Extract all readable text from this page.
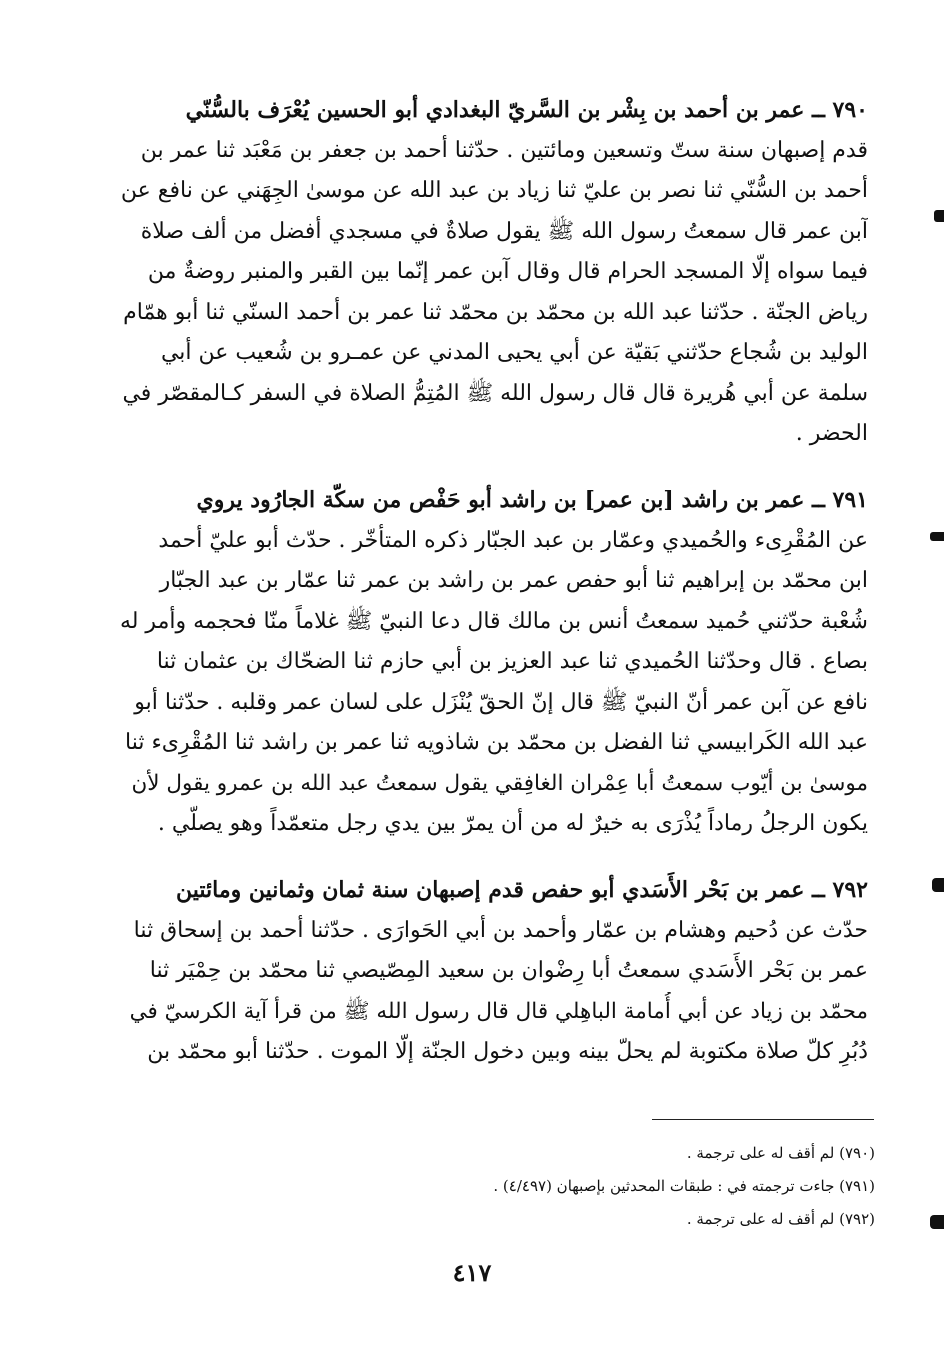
٧٩٠ ــ عمر بن أحمد بن بِشْر بن السَّريّ البغدادي أبو الحسين يُعْرَف بالسُّنّي
قدم إصبهان سنة ستّ وتسعين ومائتين . حدّثنا أحمد بن جعفر بن مَعْبَد ثنا عمر بن
أحمد بن السُّنّي ثنا نصر بن عليّ ثنا زياد بن عبد الله عن موسىٰ الجِهَني عن نافع عن
آبن عمر قال سمعتُ رسول الله ﷺ يقول صلاةٌ في مسجدي أفضل من ألف صلاة
فيما سواه إلّا المسجد الحرام قال وقال آبن عمر إنّما بين القبر والمنبر روضةٌ من
رياض الجنّة . حدّثنا عبد الله بن محمّد بن محمّد ثنا عمر بن أحمد السنّي ثنا أبو همّام
الوليد بن شُجاع حدّثني بَقيّة عن أبي يحيى المدني عن عمـرو بن شُعيب عن أبي
سلمة عن أبي هُريرة قال قال رسول الله ﷺ المُتِمُّ الصلاة في السفر كـالمقصّر في
الحضر .
٧٩١ ــ عمر بن راشد [بن عمر] بن راشد أبو حَفْص من سكّة الجارُود يروي
عن المُقْرِىء والحُميدي وعمّار بن عبد الجبّار ذكره المتأخّر . حدّث أبو عليّ أحمد
ابن محمّد بن إبراهيم ثنا أبو حفص عمر بن راشد بن عمر ثنا عمّار بن عبد الجبّار
شُعْبة حدّثني حُميد سمعتُ أنس بن مالك قال دعا النبيّ ﷺ غلاماً منّا فحجمه وأمر له
بصاع . قال وحدّثنا الحُميدي ثنا عبد العزيز بن أبي حازم ثنا الضحّاك بن عثمان ثنا
نافع عن آبن عمر أنّ النبيّ ﷺ قال إنّ الحقّ يُنْزَل على لسان عمر وقلبه . حدّثنا أبو
عبد الله الكَرابيسي ثنا الفضل بن محمّد بن شاذويه ثنا عمر بن راشد ثنا المُقْرِىء ثنا
موسىٰ بن أيّوب سمعتُ أبا عِمْران الغافِقي يقول سمعتُ عبد الله بن عمرو يقول لأن
يكون الرجلُ رماداً يُذْرَى به خيرٌ له من أن يمرّ بين يدي رجل متعمّداً وهو يصلّي .
٧٩٢ ــ عمر بن بَحْر الأَسَدي أبو حفص قدم إصبهان سنة ثمان وثمانين ومائتين
حدّث عن دُحيم وهشام بن عمّار وأحمد بن أبي الحَوارَى . حدّثنا أحمد بن إسحاق ثنا
عمر بن بَحْر الأَسَدي سمعتُ أبا رِضْوان بن سعيد المِصّيصي ثنا محمّد بن حِمْيَر ثنا
محمّد بن زياد عن أبي أُمامة الباهِلي قال قال رسول الله ﷺ من قرأ آية الكرسيّ في
دُبُرِ كلّ صلاة مكتوبة لم يحلّ بينه وبين دخول الجنّة إلّا الموت . حدّثنا أبو محمّد بن
(٧٩٠) لم أقف له على ترجمة .
(٧٩١) جاءت ترجمته في : طبقات المحدثين بإصبهان (٤/٤٩٧) .
(٧٩٢) لم أقف له على ترجمة .
٤١٧
